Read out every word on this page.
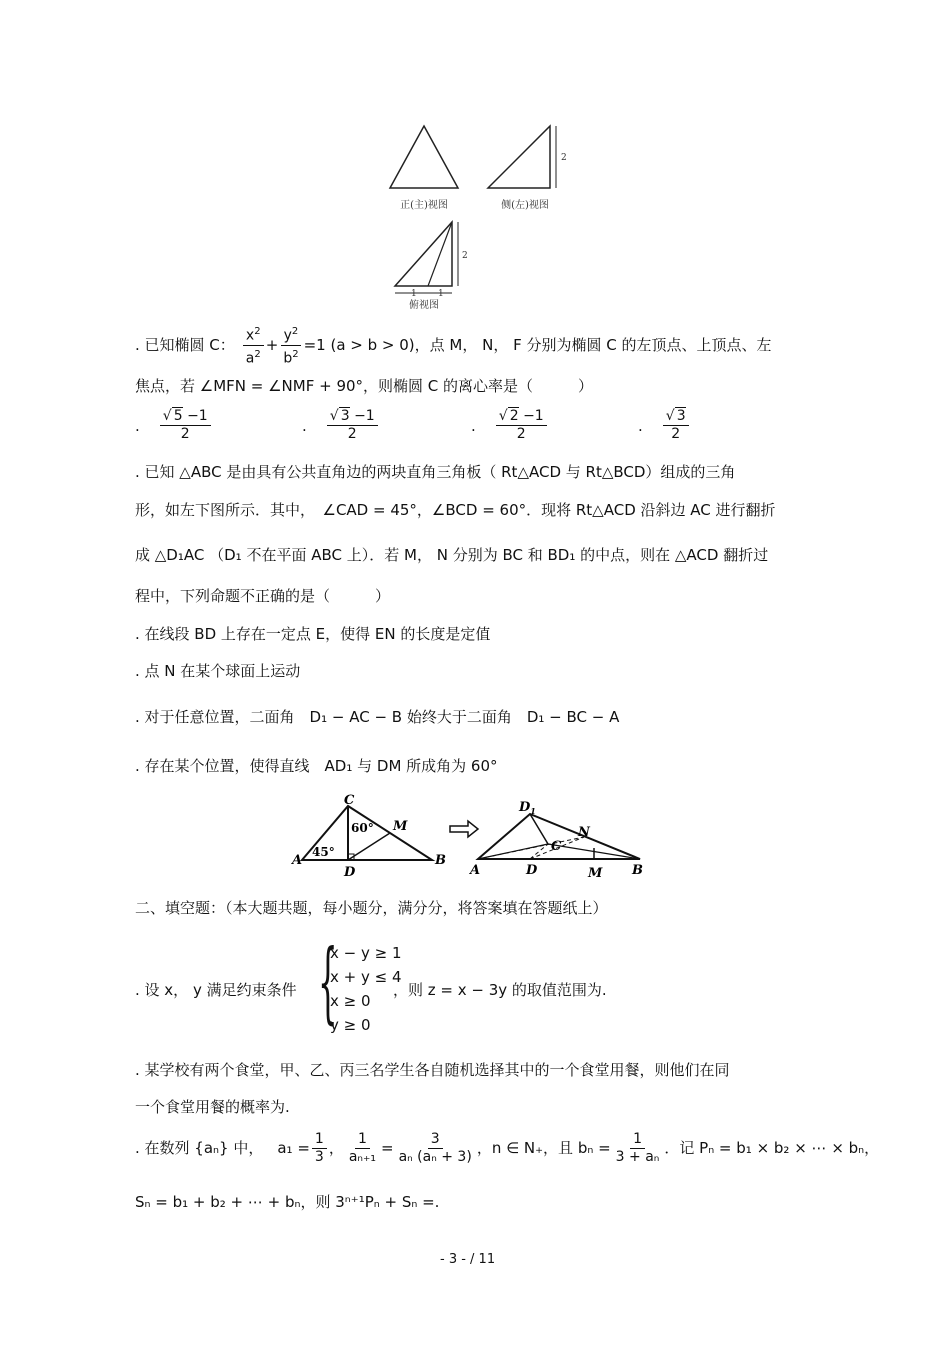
正(主)视图
2
侧(左)视图
2
1 1
俯视图
. 已知椭圆 C： $\frac{x^2}{a^2} + \frac{y^2}{b^2} =1$ (a > b > 0)，点 M， N， F 分别为椭圆 C 的左顶点、上顶点、左
焦点，若 ∠MFN = ∠NMF + 90°，则椭圆 C 的离心率是（　　　）
. $\frac{√ 5 -1}{2}$	. $\frac{√ 3 -1}{2}$	. $\frac{√ 2 -1}{2}$	. $\frac{√ 3}{2}$
. 已知 △ABC 是由具有公共直角边的两块直角三角板（ Rt△ACD 与 Rt△BCD）组成的三角
形，如左下图所示．其中，　∠CAD = 45°，∠BCD = 60°．现将 Rt△ACD 沿斜边 AC 进行翻折
成 △D₁AC （D₁ 不在平面 ABC 上）．若 M， N 分别为 BC 和 BD₁ 的中点，则在 △ACD 翻折过
程中，下列命题不正确的是（　　　）
. 在线段 BD 上存在一定点 E，使得 EN 的长度是定值
. 点 N 在某个球面上运动
. 对于任意位置，二面角　D₁ − AC − B 始终大于二面角　D₁ − BC − A
. 存在某个位置，使得直线　AD₁ 与 DM 所成角为 60°
C
A
D
B
M
60°
45°
A	D
C
M B
N
$D_1$
二、填空题：（本大题共题，每小题分，满分分，将答案填在答题纸上）
. 设 x， y 满足约束条件 {
x − y ≥ 1
x + y ≤ 4
x ≥ 0
y ≥ 0
，则 z = x − 3y 的取值范围为.
. 某学校有两个食堂，甲、乙、丙三名学生各自随机选择其中的一个食堂用餐，则他们在同
一个食堂用餐的概率为.
. 在数列 {aₙ} 中， $a_1 = \frac{1}{3}$ ， $\frac{1}{\text{aₙ₊₁}} = \frac{3}{\text{aₙ (aₙ + 3)}}$ ，n ∈ N₊，且 $b_n = \frac{1}{\text{3 + aₙ}}$ ．记 Pₙ = b₁ × b₂ × ⋯ × bₙ，
Sₙ = b₁ + b₂ + ⋯ + bₙ，则 3ⁿ⁺¹Pₙ + Sₙ =.
- 3 - / 11
